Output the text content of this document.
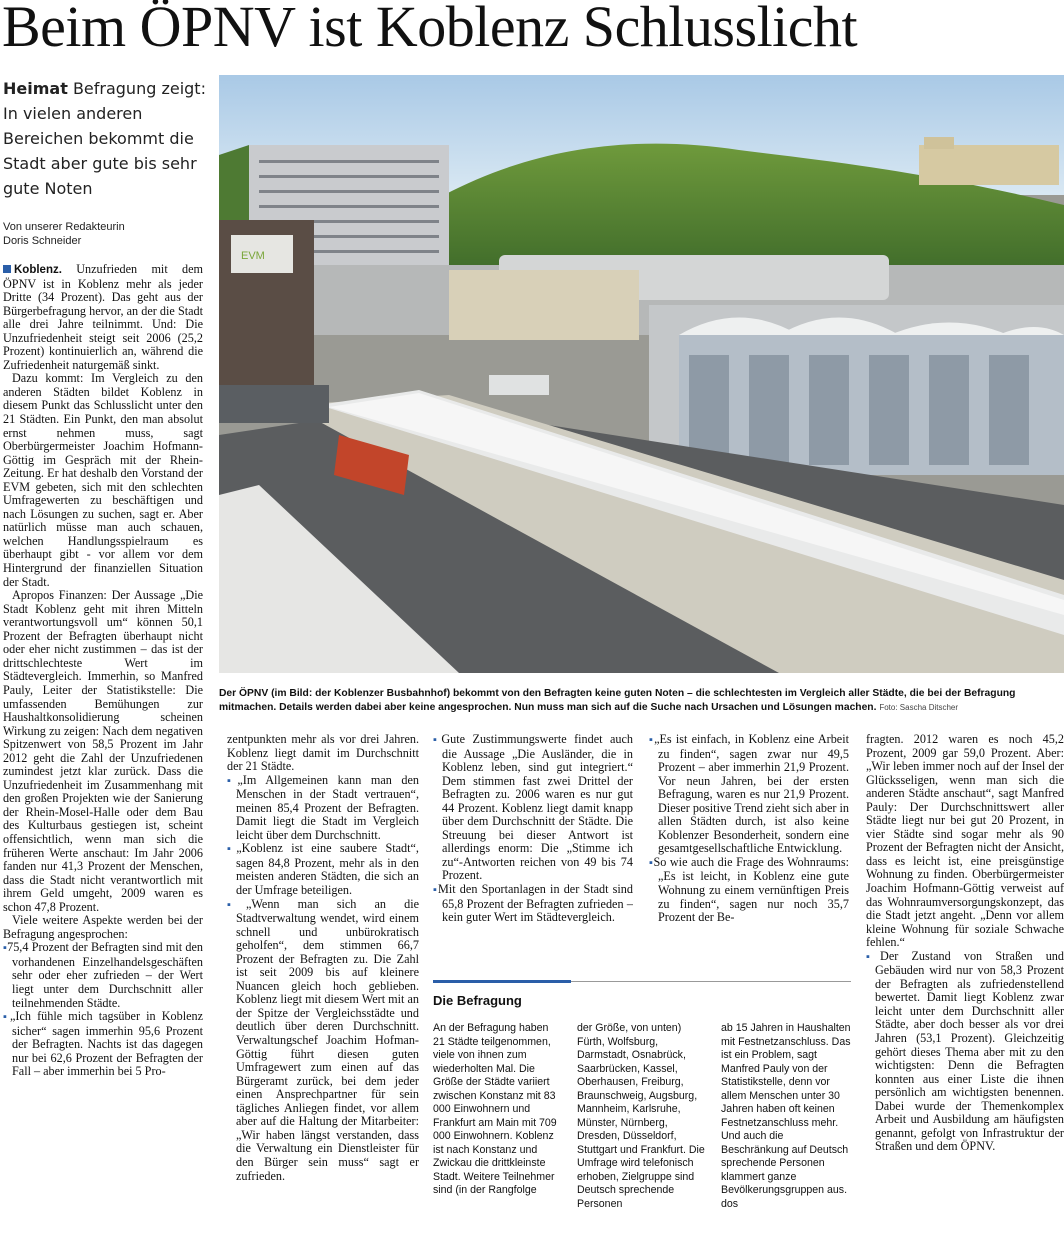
Beim ÖPNV ist Koblenz Schlusslicht
Heimat Befragung zeigt: In vielen anderen Bereichen bekommt die Stadt aber gute bis sehr gute Noten
Von unserer Redakteurin
Doris Schneider

Koblenz. Unzufrieden mit dem ÖPNV ist in Koblenz mehr als jeder Dritte (34 Prozent). Das geht aus der Bürgerbefragung hervor, an der die Stadt alle drei Jahre teilnimmt. Und: Die Unzufriedenheit steigt seit 2006 (25,2 Prozent) kontinuierlich an, während die Zufriedenheit naturgemäß sinkt.

Dazu kommt: Im Vergleich zu den anderen Städten bildet Koblenz in diesem Punkt das Schlusslicht unter den 21 Städten. Ein Punkt, den man absolut ernst nehmen muss, sagt Oberbürgermeister Joachim Hofmann-Göttig im Gespräch mit der Rhein-Zeitung. Er hat deshalb den Vorstand der EVM gebeten, sich mit den schlechten Umfragewerten zu beschäftigen und nach Lösungen zu suchen, sagt er. Aber natürlich müsse man auch schauen, welchen Handlungsspielraum es überhaupt gibt - vor allem vor dem Hintergrund der finanziellen Situation der Stadt.

Apropos Finanzen: Der Aussage „Die Stadt Koblenz geht mit ihren Mitteln verantwortungsvoll um“ können 50,1 Prozent der Befragten überhaupt nicht oder eher nicht zustimmen – das ist der drittschlechteste Wert im Städtevergleich. Immerhin, so Manfred Pauly, Leiter der Statistikstelle: Die umfassenden Bemühungen zur Haushaltkonsolidierung scheinen Wirkung zu zeigen: Nach dem negativen Spitzenwert von 58,5 Prozent im Jahr 2012 geht die Zahl der Unzufriedenen zumindest jetzt klar zurück. Dass die Unzufriedenheit im Zusammenhang mit den großen Projekten wie der Sanierung der Rhein-Mosel-Halle oder dem Bau des Kulturbaus gestiegen ist, scheint offensichtlich, wenn man sich die früheren Werte anschaut: Im Jahr 2006 fanden nur 41,3 Prozent der Menschen, dass die Stadt nicht verantwortlich mit ihrem Geld umgeht, 2009 waren es schon 47,8 Prozent.

Viele weitere Aspekte werden bei der Befragung angesprochen:

▪ 75,4 Prozent der Befragten sind mit den vorhandenen Einzelhandelsgeschäften sehr oder eher zufrieden – der Wert liegt unter dem Durchschnitt aller teilnehmenden Städte.

▪ „Ich fühle mich tagsüber in Koblenz sicher“ sagen immerhin 95,6 Prozent der Befragten. Nachts ist das dagegen nur bei 62,6 Prozent der Befragten der Fall – aber immerhin bei 5 Pro-

EVM
Der ÖPNV (im Bild: der Koblenzer Busbahnhof) bekommt von den Befragten keine guten Noten – die schlechtesten im Vergleich aller Städte, die bei der Befragung mitmachen. Details werden dabei aber keine angesprochen. Nun muss man sich auf die Suche nach Ursachen und Lösungen machen. Foto: Sascha Ditscher

zentpunkten mehr als vor drei Jahren. Koblenz liegt damit im Durchschnitt der 21 Städte.

▪ „Im Allgemeinen kann man den Menschen in der Stadt vertrauen“, meinen 85,4 Prozent der Befragten. Damit liegt die Stadt im Vergleich leicht über dem Durchschnitt.

▪ „Koblenz ist eine saubere Stadt“, sagen 84,8 Prozent, mehr als in den meisten anderen Städten, die sich an der Umfrage beteiligen.

▪ „Wenn man sich an die Stadtverwaltung wendet, wird einem schnell und unbürokratisch geholfen“, dem stimmen 66,7 Prozent der Befragten zu. Die Zahl ist seit 2009 bis auf kleinere Nuancen gleich hoch geblieben. Koblenz liegt mit diesem Wert mit an der Spitze der Vergleichsstädte und deutlich über deren Durchschnitt. Verwaltungschef Joachim Hofman-Göttig führt diesen guten Umfragewert zum einen auf das Bürgeramt zurück, bei dem jeder einen Ansprechpartner für sein tägliches Anliegen findet, vor allem aber auf die Haltung der Mitarbeiter: „Wir haben längst verstanden, dass die Verwaltung ein Dienstleister für den Bürger sein muss“ sagt er zufrieden.

▪ Gute Zustimmungswerte findet auch die Aussage „Die Ausländer, die in Koblenz leben, sind gut integriert.“ Dem stimmen fast zwei Drittel der Befragten zu. 2006 waren es nur gut 44 Prozent. Koblenz liegt damit knapp über dem Durchschnitt der Städte. Die Streuung bei dieser Antwort ist allerdings enorm: Die „Stimme ich zu“-Antworten reichen von 49 bis 74 Prozent.

▪ Mit den Sportanlagen in der Stadt sind 65,8 Prozent der Befragten zufrieden – kein guter Wert im Städtevergleich.

▪ „Es ist einfach, in Koblenz eine Arbeit zu finden“, sagen zwar nur 49,5 Prozent – aber immerhin 21,9 Prozent. Vor neun Jahren, bei der ersten Befragung, waren es nur 21,9 Prozent. Dieser positive Trend zieht sich aber in allen Städten durch, ist also keine Koblenzer Besonderheit, sondern eine gesamtgesellschaftliche Entwicklung.

▪ So wie auch die Frage des Wohnraums: „Es ist leicht, in Koblenz eine gute Wohnung zu einem vernünftigen Preis zu finden“, sagen nur noch 35,7 Prozent der Be-

fragten. 2012 waren es noch 45,2 Prozent, 2009 gar 59,0 Prozent. Aber: „Wir leben immer noch auf der Insel der Glücksseligen, wenn man sich die anderen Städte anschaut“, sagt Manfred Pauly: Der Durchschnittswert aller Städte liegt nur bei gut 20 Prozent, in vier Städte sind sogar mehr als 90 Prozent der Befragten nicht der Ansicht, dass es leicht ist, eine preisgünstige Wohnung zu finden. Oberbürgermeister Joachim Hofmann-Göttig verweist auf das Wohnraumversorgungskonzept, das die Stadt jetzt angeht. „Denn vor allem kleine Wohnung für soziale Schwache fehlen.“

▪ Der Zustand von Straßen und Gebäuden wird nur von 58,3 Prozent der Befragten als zufriedenstellend bewertet. Damit liegt Koblenz zwar leicht unter dem Durchschnitt aller Städte, aber doch besser als vor drei Jahren (53,1 Prozent). Gleichzeitig gehört dieses Thema aber mit zu den wichtigsten: Denn die Befragten konnten aus einer Liste die ihnen persönlich am wichtigsten benennen. Dabei wurde der Themenkomplex Arbeit und Ausbildung am häufigsten genannt, gefolgt von Infrastruktur der Straßen und dem ÖPNV.

Die Befragung

An der Befragung haben 21 Städte teilgenommen, viele von ihnen zum wiederholten Mal. Die Größe der Städte variiert zwischen Konstanz mit 83 000 Einwohnern und Frankfurt am Main mit 709 000 Einwohnern. Koblenz ist nach Konstanz und Zwickau die drittkleinste Stadt. Weitere Teilnehmer sind (in der Rangfolge

der Größe, von unten) Fürth, Wolfsburg, Darmstadt, Osnabrück, Saarbrücken, Kassel, Oberhausen, Freiburg, Braunschweig, Augsburg, Mannheim, Karlsruhe, Münster, Nürnberg, Dresden, Düsseldorf, Stuttgart und Frankfurt. Die Umfrage wird telefonisch erhoben, Zielgruppe sind Deutsch sprechende Personen

ab 15 Jahren in Haushalten mit Festnetzanschluss. Das ist ein Problem, sagt Manfred Pauly von der Statistikstelle, denn vor allem Menschen unter 30 Jahren haben oft keinen Festnetzanschluss mehr. Und auch die Beschränkung auf Deutsch sprechende Personen klammert ganze Bevölkerungsgruppen aus. dos
